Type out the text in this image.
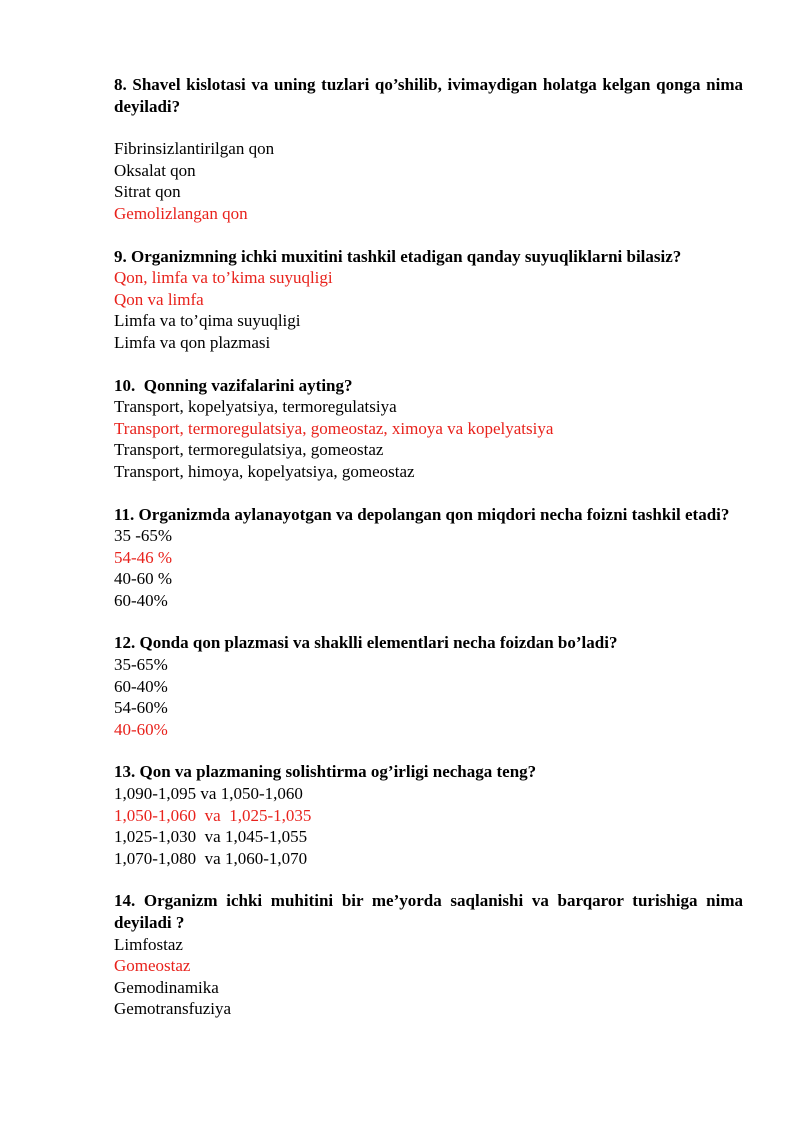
8. Shavel kislotasi va uning tuzlari qo’shilib, ivimaydigan holatga kelgan qonga nima deyiladi?

Fibrinsizlantirilgan qon

Oksalat qon

Sitrat qon

Gemolizlangan qon

9. Organizmning ichki muxitini tashkil etadigan qanday suyuqliklarni bilasiz?

Qon, limfa va to’kima suyuqligi

Qon va limfa

Limfa va to’qima suyuqligi

Limfa va qon plazmasi

10.  Qonning vazifalarini ayting?

Transport, kopelyatsiya, termoregulatsiya

Transport, termoregulatsiya, gomeostaz, ximoya va kopelyatsiya

Transport, termoregulatsiya, gomeostaz

Transport, himoya, kopelyatsiya, gomeostaz

11. Organizmda aylanayotgan va depolangan qon miqdori necha foizni tashkil etadi?

35 -65%

54-46 %

40-60 %

60-40%

12. Qonda qon plazmasi va shaklli elementlari necha foizdan bo’ladi?

35-65%

60-40%

54-60%

40-60%

13. Qon va plazmaning solishtirma og’irligi nechaga teng?

1,090-1,095 va 1,050-1,060

1,050-1,060  va  1,025-1,035

1,025-1,030  va 1,045-1,055

1,070-1,080  va 1,060-1,070

14. Organizm ichki muhitini bir me’yorda saqlanishi va barqaror turishiga nima deyiladi ?

Limfostaz

Gomeostaz

Gemodinamika

Gemotransfuziya
